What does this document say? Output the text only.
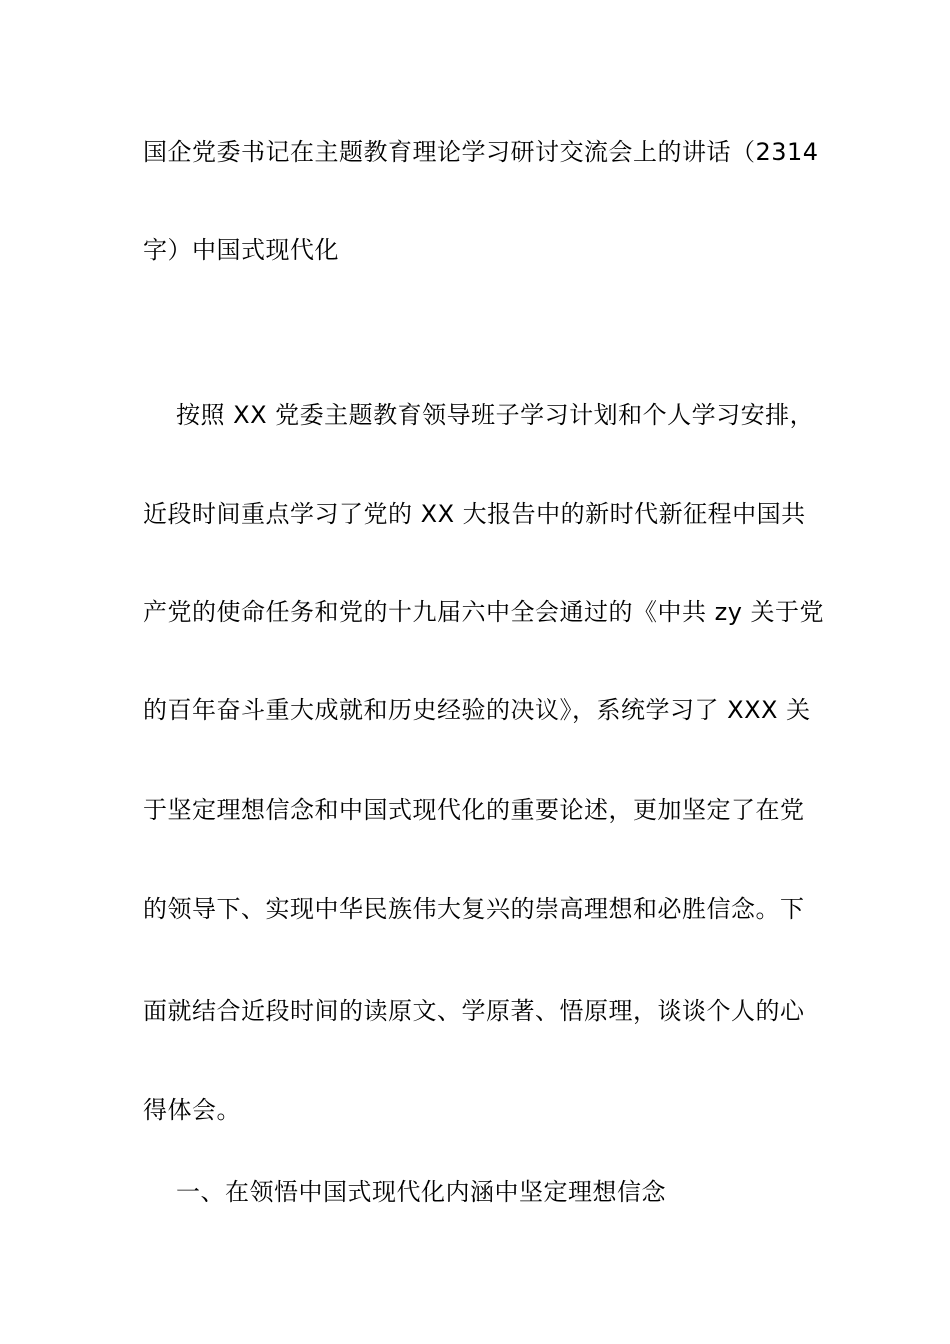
国企党委书记在主题教育理论学习研讨交流会上的讲话（2314
字）中国式现代化
按照 XX 党委主题教育领导班子学习计划和个人学习安排，
近段时间重点学习了党的 XX 大报告中的新时代新征程中国共
产党的使命任务和党的十九届六中全会通过的《中共 zy 关于党
的百年奋斗重大成就和历史经验的决议》，系统学习了 XXX 关
于坚定理想信念和中国式现代化的重要论述，更加坚定了在党
的领导下、实现中华民族伟大复兴的崇高理想和必胜信念。下
面就结合近段时间的读原文、学原著、悟原理，谈谈个人的心
得体会。
一、在领悟中国式现代化内涵中坚定理想信念
